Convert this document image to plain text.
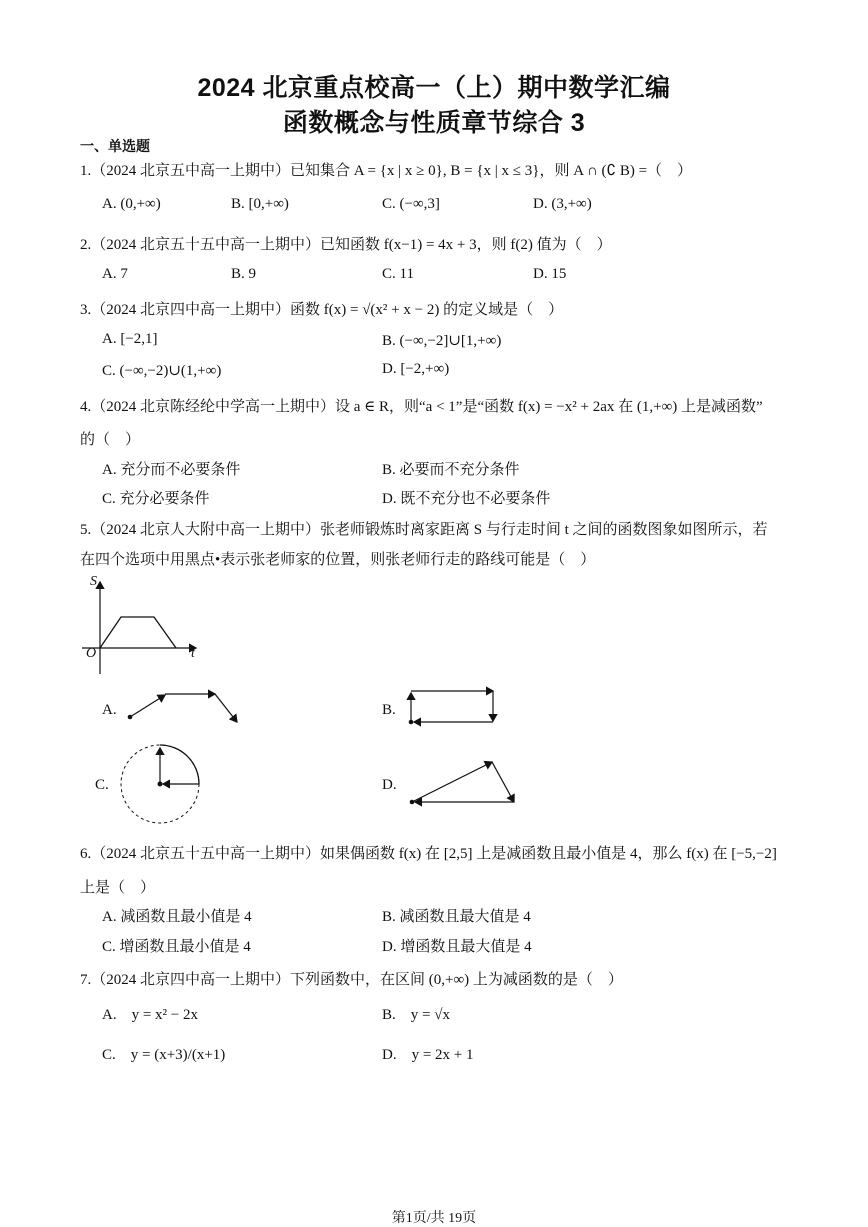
2024 北京重点校高一（上）期中数学汇编
函数概念与性质章节综合 3
一、单选题
1.（2024 北京五中高一上期中）已知集合 A = {x | x ≥ 0}, B = {x | x ≤ 3}，则 A ∩ (∁ B) =（　）
A. (0,+∞)	B. [0,+∞)	C. (−∞,3]	D. (3,+∞)
2.（2024 北京五十五中高一上期中）已知函数 f(x−1) = 4x + 3，则 f(2) 值为（　）
A. 7	B. 9	C. 11	D. 15
3.（2024 北京四中高一上期中）函数 f(x) = √(x² + x − 2) 的定义域是（　）
A. [−2,1]	B. (−∞,−2]∪[1,+∞)
C. (−∞,−2)∪(1,+∞)	D. [−2,+∞)
4.（2024 北京陈经纶中学高一上期中）设 a ∈ R，则“a < 1”是“函数 f(x) = −x² + 2ax 在 (1,+∞) 上是减函数”
的（　）
A. 充分而不必要条件	B. 必要而不充分条件
C. 充分必要条件	D. 既不充分也不必要条件
5.（2024 北京人大附中高一上期中）张老师锻炼时离家距离 S 与行走时间 t 之间的函数图象如图所示，若
在四个选项中用黑点•表示张老师家的位置，则张老师行走的路线可能是（　）
S
t
O
A.	B.
C.	D.
6.（2024 北京五十五中高一上期中）如果偶函数 f(x) 在 [2,5] 上是减函数且最小值是 4，那么 f(x) 在 [−5,−2]
上是（　）
A. 减函数且最小值是 4	B. 减函数且最大值是 4
C. 增函数且最小值是 4	D. 增函数且最大值是 4
7.（2024 北京四中高一上期中）下列函数中，在区间 (0,+∞) 上为减函数的是（　）
A.　y = x² − 2x	B.　y = √x
C.　y = (x+3)/(x+1)	D.　y = 2x + 1
第1页/共 19页
